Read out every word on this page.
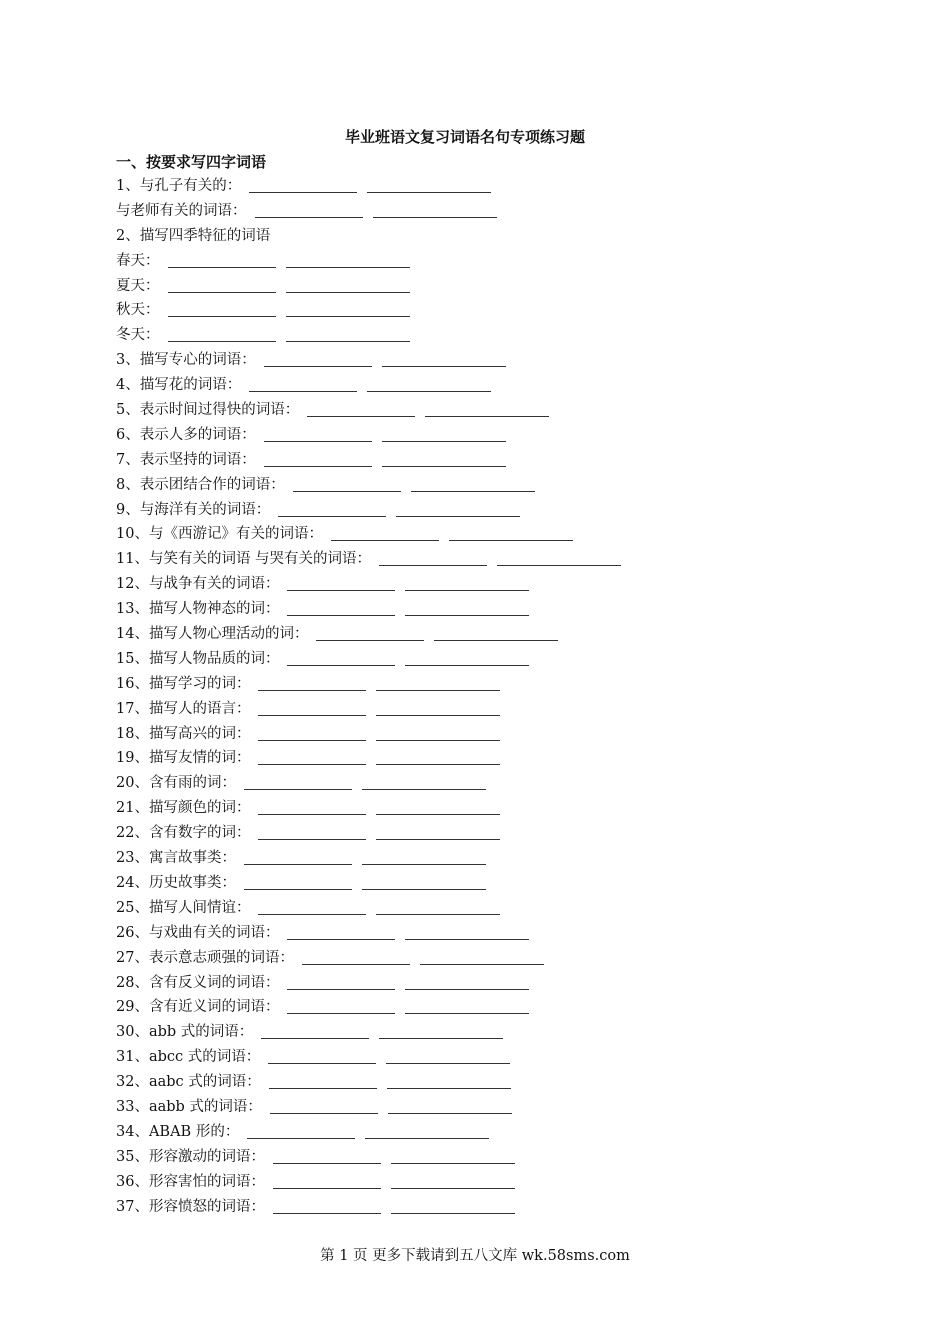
毕业班语文复习词语名句专项练习题
一、按要求写四字词语
1、与孔子有关的：
与老师有关的词语：
2、描写四季特征的词语
春天：
夏天：
秋天：
冬天：
3、描写专心的词语：
4、描写花的词语：
5、表示时间过得快的词语：
6、表示人多的词语：
7、表示坚持的词语：
8、表示团结合作的词语：
9、与海洋有关的词语：
10、与《西游记》有关的词语：
11、与笑有关的词语 与哭有关的词语：
12、与战争有关的词语：
13、描写人物神态的词：
14、描写人物心理活动的词：
15、描写人物品质的词：
16、描写学习的词：
17、描写人的语言：
18、描写高兴的词：
19、描写友情的词：
20、含有雨的词：
21、描写颜色的词：
22、含有数字的词：
23、寓言故事类：
24、历史故事类：
25、描写人间情谊：
26、与戏曲有关的词语：
27、表示意志顽强的词语：
28、含有反义词的词语：
29、含有近义词的词语：
30、abb 式的词语：
31、abcc 式的词语：
32、aabc 式的词语：
33、aabb 式的词语：
34、ABAB 形的：
35、形容激动的词语：
36、形容害怕的词语：
37、形容愤怒的词语：
第 1 页 更多下载请到五八文库 wk.58sms.com
